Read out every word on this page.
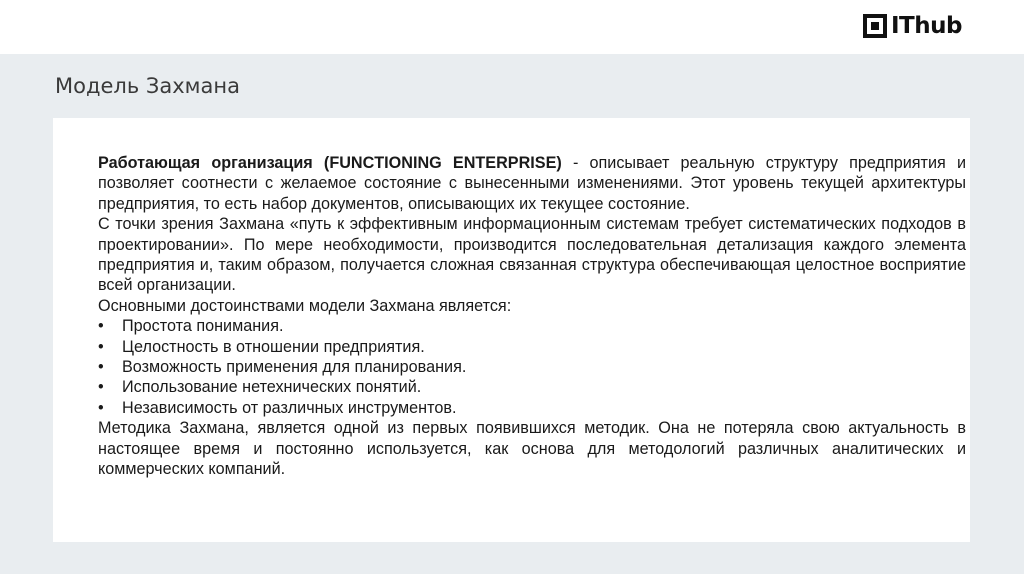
IThub
Модель Захмана

Работающая организация (FUNCTIONING ENTERPRISE) - описывает реальную структуру предприятия и позволяет соотнести с желаемое состояние с вынесенными изменениями. Этот уровень текущей архитектуры предприятия, то есть набор документов, описывающих их текущее состояние.

С точки зрения Захмана «путь к эффективным информационным системам требует систематических подходов в проектировании». По мере необходимости, производится последовательная детализация каждого элемента предприятия и, таким образом, получается сложная связанная структура обеспечивающая целостное восприятие всей организации.

Основными достоинствами модели Захмана является:

•	Простота понимания.
•	Целостность в отношении предприятия.
•	Возможность применения для планирования.
•	Использование нетехнических понятий.
•	Независимость от различных инструментов.

Методика Захмана, является одной из первых появившихся методик. Она не потеряла свою актуальность в настоящее время и постоянно используется, как основа для методологий различных аналитических и коммерческих компаний.
